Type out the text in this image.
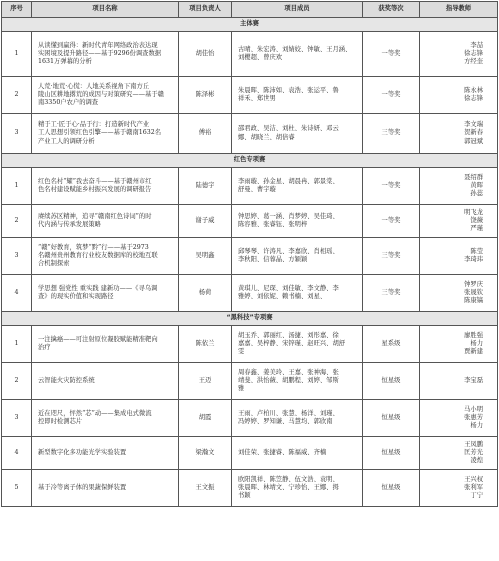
序号	项目名称	项目负责人	项目成员	获奖等次	指导教师
主体赛					
1	从读懂到赢得：新时代青年网络政治表达现
实困境及提升路径——基于9296份调查数据
1631万弹幕的分析	胡佳怡	古晴、朱宏涛、刘婧姣、钟敏、王月涵、
刘樱超、曾庆欢	一等奖	李喆
徐志锋
方经奎

2	人荒·地荒·心慌：人地关系视角下南方丘
陵山区耕地撂荒的成因与对策研究——基于赣
南3350户农户的调查	陈泽彬	朱晨晖、陈沛如、袁浩、张运平、鲁
祥禾、郑世男	一等奖	陈永林
徐志锋

3	精于工·匠于心·品于行：打造新时代产业
工人思想引领红色引擎——基于赣南1632名
产业工人的调研分析	傅裕	邵君政、吴洁、刘杜、朱诗妍、邓云
娜、胡晓兰、胡倍睿	三等奖	李文瑞
贺新春
郭冠斌

红色专项赛					
1	红色名村“耀”我去奋斗——基于赣州市红
色名村建设赋能乡村振兴发展的调研报告	陆德宇	李雨璇、孙金星、胡晨冉、郭景棠、
舒曼、曹宇璇	一等奖	聂绍群
黄晖
孙蕊

2	赓续苏区精神，追寻“赣南红色诗词”的时
代内涵与传承发展策略	谢子威	钟思婷、葛一涵、肖梦婷、吴佳琦、
陈容雅、张睿钰、张明梓	一等奖	明飞龙
饶薇
严瑾

3	“赣”好教育，筑梦“黔”行——基于2973
名赣州贵州教育行业校友数据库的校地互联
合机制探索	吴明鑫	邱琴琴、许涛凡、李嘉欣、肖相瑶、
李秋阳、信蓉晶、方颖颖	三等奖	陈莹
李琦玮

4	学思想 强党性 重实践 建新功——《寻乌调
查》的现实价值和实现路径	杨荷	黄琪儿、尼琛、刘佳敏、李文静、李
雅婷、刘依妮、赖书楠、刘星、	三等奖	钟罗庆
张晟钦
陈康镐

“黑科技”专项赛					
1	一注擒癌——可注射原位凝胶赋能精准靶向
治疗	陈依兰	胡玉乔、郭丽红、汤捷、刘彤嘉、徐
嘉嘉、吴梓静、宋锌瑾、赵旺兴、胡舒
雯	星系级	廖胜强
杨力
贾新建

2	云智能火灾防控系统	王迈	周春鑫、姜美玲、王嘉、张神海、张
靖斐、洪怡薇、胡鹏程、刘婷、邹斯
雅	恒星级	李宝磊

3	近在咫尺，怦然“芯”动——集成电式微流
控即时检测芯片	胡霞	王雨、卢柏川、张慧、杨洋、刘瑾、
冯婷婷、罗知谦、马慧均、郭欣南	恒星级	马小明
张惠芳
杨力

4	新型数字化多功能光学实验装置	梁瀚文	刘佳荣、张捷睿、陈福威、齐楠	恒星级	王凤鹏
匡芳光
凌煌

5	基于冷等离子体的果蔬保鲜装置	王文振	欧阳凯祥、陈笠静、伍文浩、袁明、
张晨晖、林靖文、宁珍怡、王娜、拇
书颖	恒星级	王兴权
张利军
丁宁
